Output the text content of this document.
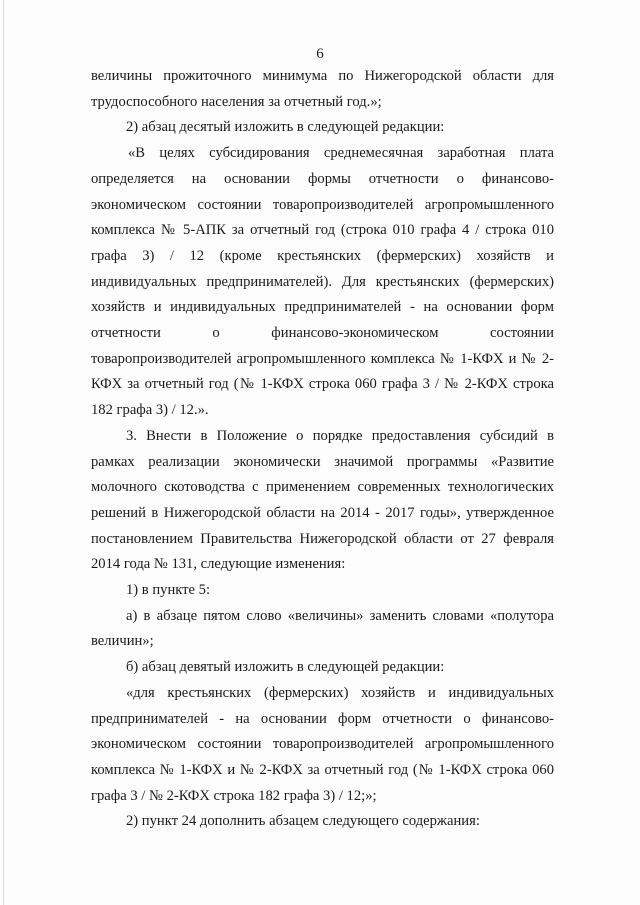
6

величины прожиточного минимума по Нижегородской области для трудоспособного населения за отчетный год.»;

2) абзац десятый изложить в следующей редакции:

«В целях субсидирования среднемесячная заработная плата определяется на основании формы отчетности о финансово-экономическом состоянии товаропроизводителей агропромышленного комплекса № 5-АПК за отчетный год (строка 010 графа 4 / строка 010 графа 3) / 12 (кроме крестьянских (фермерских) хозяйств и индивидуальных предпринимателей). Для крестьянских (фермерских) хозяйств и индивидуальных предпринимателей - на основании форм отчетности о финансово-экономическом состоянии товаропроизводителей агропромышленного комплекса № 1-КФХ и № 2-КФХ за отчетный год (№ 1-КФХ строка 060 графа 3 / № 2-КФХ строка 182 графа 3) / 12.».

3. Внести в Положение о порядке предоставления субсидий в рамках реализации экономически значимой программы «Развитие молочного скотоводства с применением современных технологических решений в Нижегородской области на 2014 - 2017 годы», утвержденное постановлением Правительства Нижегородской области от 27 февраля 2014 года № 131, следующие изменения:

1) в пункте 5:

а) в абзаце пятом слово «величины» заменить словами «полутора величин»;

б) абзац девятый изложить в следующей редакции:

«для крестьянских (фермерских) хозяйств и индивидуальных предпринимателей - на основании форм отчетности о финансово-экономическом состоянии товаропроизводителей агропромышленного комплекса № 1-КФХ и № 2-КФХ за отчетный год (№ 1-КФХ строка 060 графа 3 / № 2-КФХ строка 182 графа 3) / 12;»;

2) пункт 24 дополнить абзацем следующего содержания:
